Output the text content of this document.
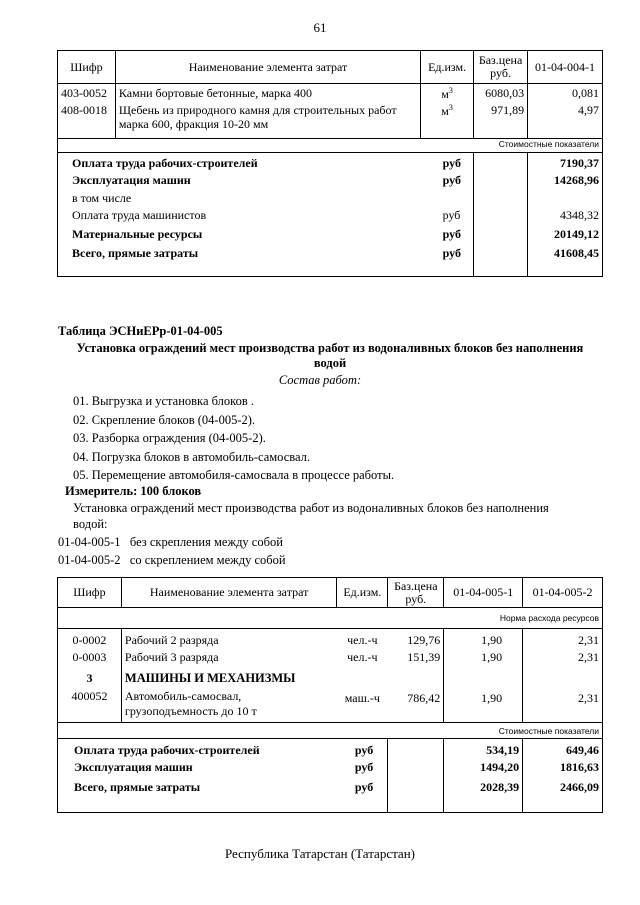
61
Шифр	Наименование элемента затрат	Ед.изм.	Баз.цена руб.	01-04-004-1
403-0052	Камни бортовые бетонные, марка 400	$м^3$	6080,03	0,081
408-0018	Щебень из природного камня для строительных работ марка 600, фракция 10-20 мм	$м^3$	971,89	4,97
Стоимостные показатели				
Оплата труда рабочих-строителей		руб		7190,37
Эксплуатация машин		руб		14268,96
в том числе				
Оплата труда машинистов		руб		4348,32
Материальные ресурсы		руб		20149,12
Всего, прямые затраты		руб		41608,45
Таблица ЭСНиЕРр-01-04-005
Установка ограждений мест производства работ из водоналивных блоков без наполнения
водой
Состав работ:
01. Выгрузка и установка блоков .
02. Скрепление блоков (04-005-2).
03. Разборка ограждения (04-005-2).
04. Погрузка блоков в автомобиль-самосвал.
05. Перемещение автомобиля-самосвала в процессе работы.
Измеритель: 100 блоков
Установка ограждений мест производства работ из водоналивных блоков без наполнения
водой:
01-04-005-1 без скрепления между собой
01-04-005-2 со скреплением между собой
Шифр	Наименование элемента затрат	Ед.изм.	Баз.цена руб.	01-04-005-1	01-04-005-2
Норма расхода ресурсов					
0-0002	Рабочий 2 разряда	чел.-ч	129,76	1,90	2,31
0-0003	Рабочий 3 разряда	чел.-ч	151,39	1,90	2,31
3	МАШИНЫ И МЕХАНИЗМЫ				
400052	Автомобиль-самосвал,
грузоподъемность до 10 т	маш.-ч	786,42	1,90	2,31
Стоимостные показатели					
Оплата труда рабочих-строителей		руб		534,19	649,46
Эксплуатация машин		руб		1494,20	1816,63
Всего, прямые затраты		руб		2028,39	2466,09
Республика Татарстан (Татарстан)
